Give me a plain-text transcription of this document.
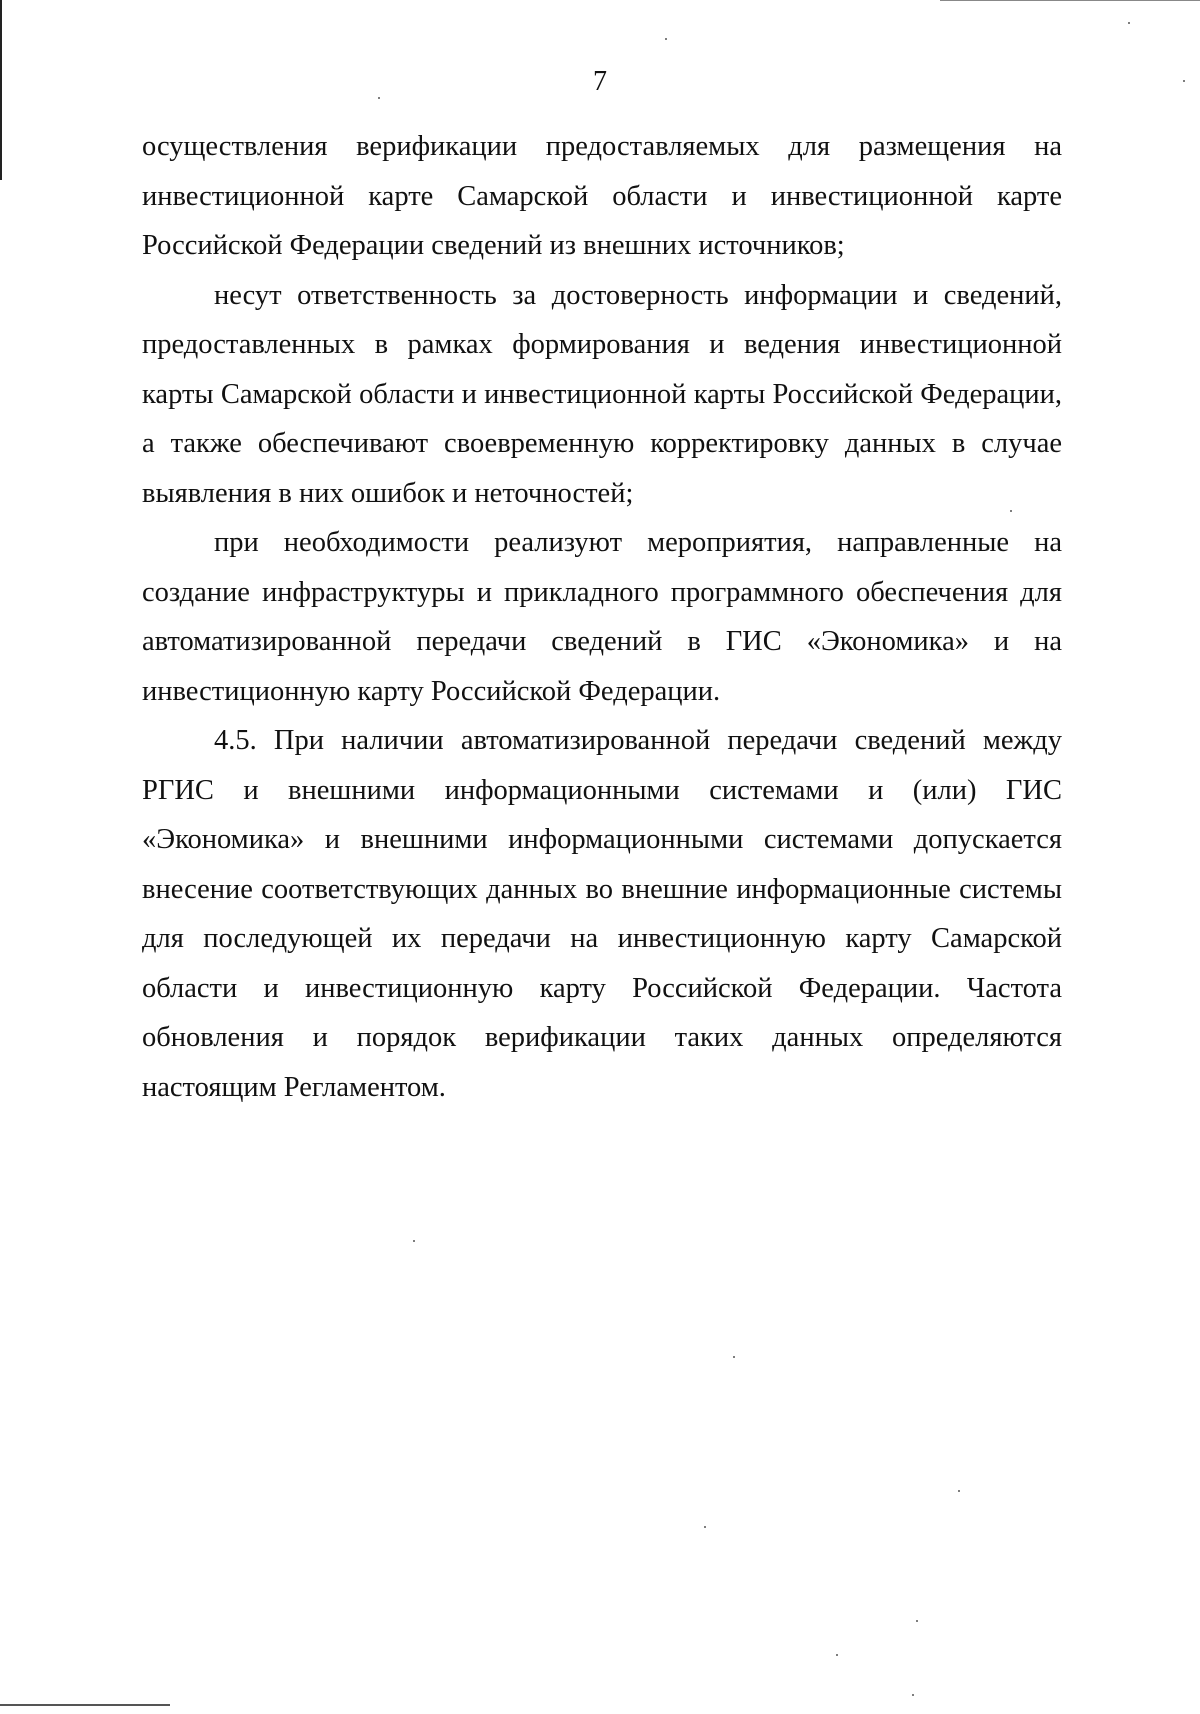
7

осуществления верификации предоставляемых для размещения на инвестиционной карте Самарской области и инвестиционной карте Российской Федерации сведений из внешних источников;

несут ответственность за достоверность информации и сведений, предоставленных в рамках формирования и ведения инвестиционной карты Самарской области и инвестиционной карты Российской Федерации, а также обеспечивают своевременную корректировку данных в случае выявления в них ошибок и неточностей;

при необходимости реализуют мероприятия, направленные на создание инфраструктуры и прикладного программного обеспечения для автоматизированной передачи сведений в ГИС «Экономика» и на инвестиционную карту Российской Федерации.

4.5. При наличии автоматизированной передачи сведений между РГИС и внешними информационными системами и (или) ГИС «Экономика» и внешними информационными системами допускается внесение соответствующих данных во внешние информационные системы для последующей их передачи на инвестиционную карту Самарской области и инвестиционную карту Российской Федерации. Частота обновления и порядок верификации таких данных определяются настоящим Регламентом.
